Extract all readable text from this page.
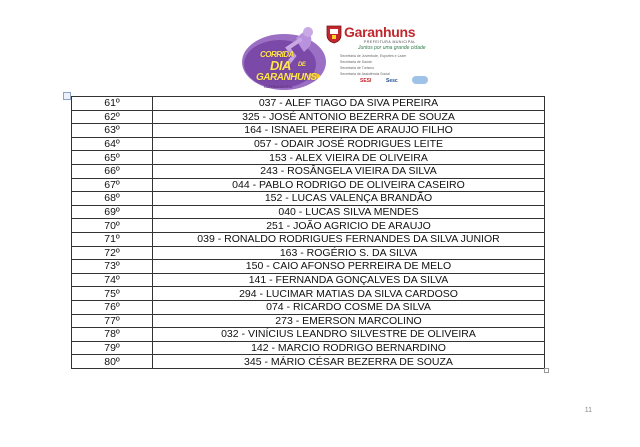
CORRIDA
DIA DE
GARANHUNS
CORRIDA DE RUA
Garanhuns
PREFEITURA MUNICIPAL
Juntos por uma grande cidade
Secretaria de Juventude, Esportes e Lazer
Secretaria de Saúde
Secretaria de Turismo
Secretaria de Assistência Social
SESI	Sesc
61º	037 - ALEF TIAGO DA SIVA PEREIRA
62º	325 - JOSÉ ANTONIO BEZERRA DE SOUZA
63º	164 - ISNAEL PEREIRA DE ARAUJO FILHO
64º	057 - ODAIR JOSÉ RODRIGUES LEITE
65º	153 - ALEX VIEIRA DE OLIVEIRA
66º	243 - ROSÂNGELA VIEIRA DA SILVA
67º	044 - PABLO RODRIGO DE OLIVEIRA CASEIRO
68º	152 - LUCAS VALENÇA BRANDÃO
69º	040 - LUCAS SILVA MENDES
70º	251 - JOÃO AGRICIO DE ARAUJO
71º	039 - RONALDO RODRIGUES FERNANDES DA SILVA JUNIOR
72º	163 - ROGÉRIO S. DA SILVA
73º	150 - CAIO AFONSO PERREIRA DE MELO
74º	141 - FERNANDA GONÇALVES DA SILVA
75º	294 - LUCIMAR MATIAS DA SILVA CARDOSO
76º	074 - RICARDO COSME DA SILVA
77º	273 - EMERSON MARCOLINO
78º	032 - VINÍCIUS LEANDRO SILVESTRE DE OLIVEIRA
79º	142 - MARCIO RODRIGO BERNARDINO
80º	345 - MÁRIO CÉSAR BEZERRA DE SOUZA
11
